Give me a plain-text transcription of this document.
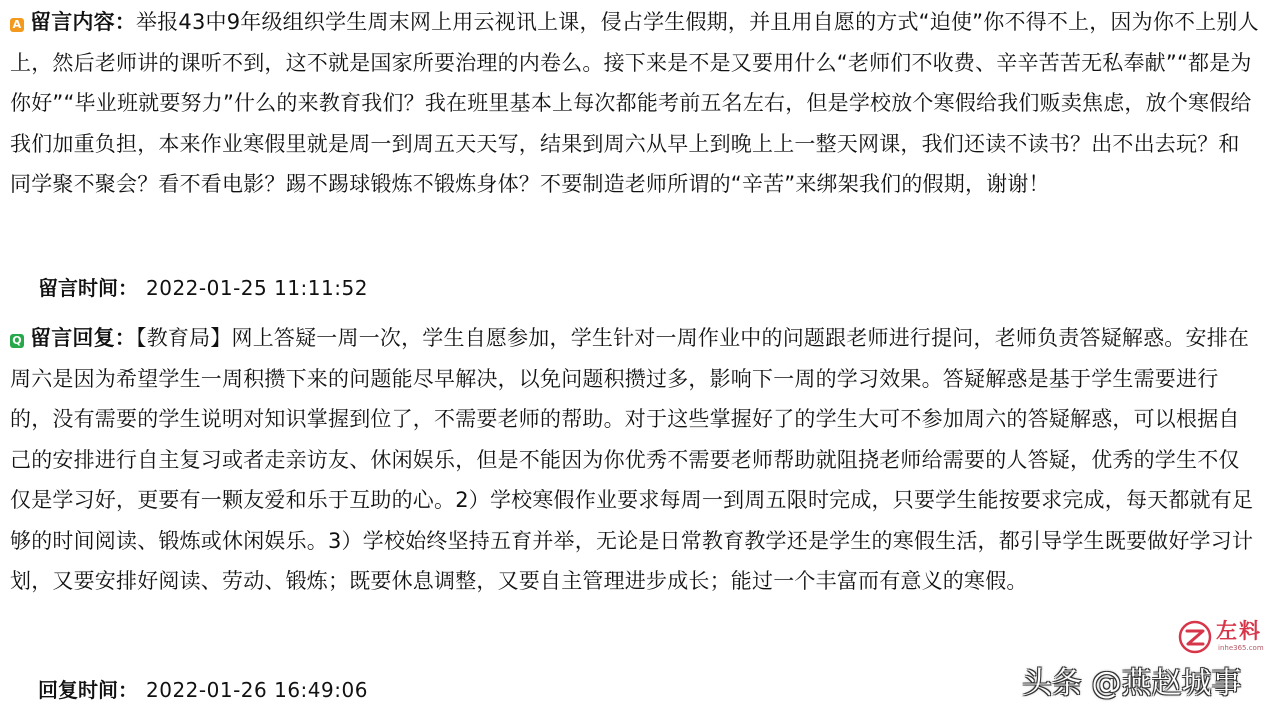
A 留言内容：举报43中9年级组织学生周末网上用云视讯上课，侵占学生假期，并且用自愿的方式“迫使”你不得不上，因为你不上别人上，然后老师讲的课听不到，这不就是国家所要治理的内卷么。接下来是不是又要用什么“老师们不收费、辛辛苦苦无私奉献”“都是为你好”“毕业班就要努力”什么的来教育我们？我在班里基本上每次都能考前五名左右，但是学校放个寒假给我们贩卖焦虑，放个寒假给我们加重负担，本来作业寒假里就是周一到周五天天写，结果到周六从早上到晚上上一整天网课，我们还读不读书？出不出去玩？和同学聚不聚会？看不看电影？踢不踢球锻炼不锻炼身体？不要制造老师所谓的“辛苦”来绑架我们的假期，谢谢！
留言时间： 2022-01-25 11:11:52
Q 留言回复：【教育局】网上答疑一周一次，学生自愿参加，学生针对一周作业中的问题跟老师进行提问，老师负责答疑解惑。安排在周六是因为希望学生一周积攒下来的问题能尽早解决，以免问题积攒过多，影响下一周的学习效果。答疑解惑是基于学生需要进行的，没有需要的学生说明对知识掌握到位了，不需要老师的帮助。对于这些掌握好了的学生大可不参加周六的答疑解惑，可以根据自己的安排进行自主复习或者走亲访友、休闲娱乐，但是不能因为你优秀不需要老师帮助就阻挠老师给需要的人答疑，优秀的学生不仅仅是学习好，更要有一颗友爱和乐于互助的心。2）学校寒假作业要求每周一到周五限时完成，只要学生能按要求完成，每天都就有足够的时间阅读、锻炼或休闲娱乐。3）学校始终坚持五育并举，无论是日常教育教学还是学生的寒假生活，都引导学生既要做好学习计划，又要安排好阅读、劳动、锻炼；既要休息调整，又要自主管理进步成长；能过一个丰富而有意义的寒假。
回复时间： 2022-01-26 16:49:06
左料
inhe365.com
头条 @燕赵城事
